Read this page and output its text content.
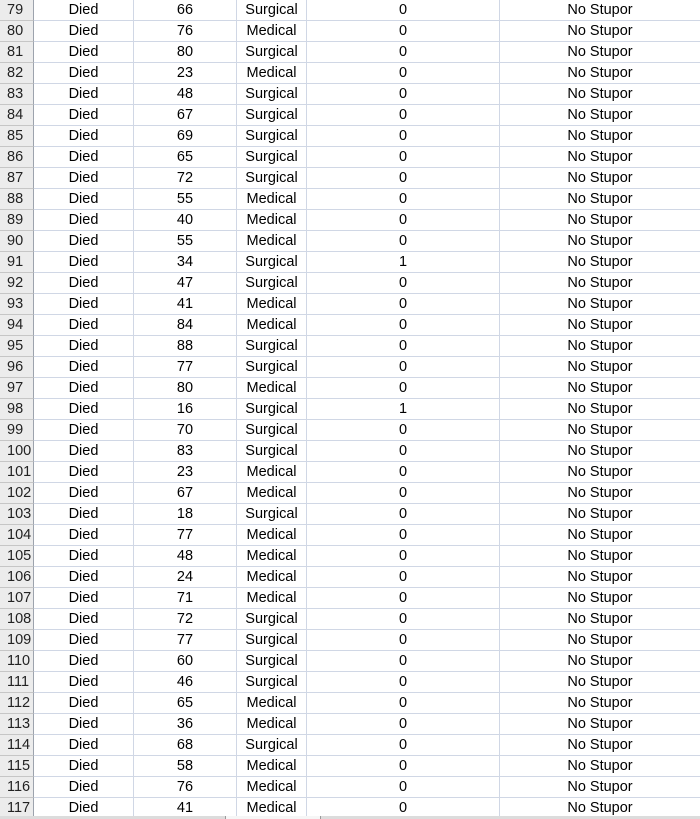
79	Died	66	Surgical	0	No Stupor
80	Died	76	Medical	0	No Stupor
81	Died	80	Surgical	0	No Stupor
82	Died	23	Medical	0	No Stupor
83	Died	48	Surgical	0	No Stupor
84	Died	67	Surgical	0	No Stupor
85	Died	69	Surgical	0	No Stupor
86	Died	65	Surgical	0	No Stupor
87	Died	72	Surgical	0	No Stupor
88	Died	55	Medical	0	No Stupor
89	Died	40	Medical	0	No Stupor
90	Died	55	Medical	0	No Stupor
91	Died	34	Surgical	1	No Stupor
92	Died	47	Surgical	0	No Stupor
93	Died	41	Medical	0	No Stupor
94	Died	84	Medical	0	No Stupor
95	Died	88	Surgical	0	No Stupor
96	Died	77	Surgical	0	No Stupor
97	Died	80	Medical	0	No Stupor
98	Died	16	Surgical	1	No Stupor
99	Died	70	Surgical	0	No Stupor
100	Died	83	Surgical	0	No Stupor
101	Died	23	Medical	0	No Stupor
102	Died	67	Medical	0	No Stupor
103	Died	18	Surgical	0	No Stupor
104	Died	77	Medical	0	No Stupor
105	Died	48	Medical	0	No Stupor
106	Died	24	Medical	0	No Stupor
107	Died	71	Medical	0	No Stupor
108	Died	72	Surgical	0	No Stupor
109	Died	77	Surgical	0	No Stupor
110	Died	60	Surgical	0	No Stupor
111	Died	46	Surgical	0	No Stupor
112	Died	65	Medical	0	No Stupor
113	Died	36	Medical	0	No Stupor
114	Died	68	Surgical	0	No Stupor
115	Died	58	Medical	0	No Stupor
116	Died	76	Medical	0	No Stupor
117	Died	41	Medical	0	No Stupor
